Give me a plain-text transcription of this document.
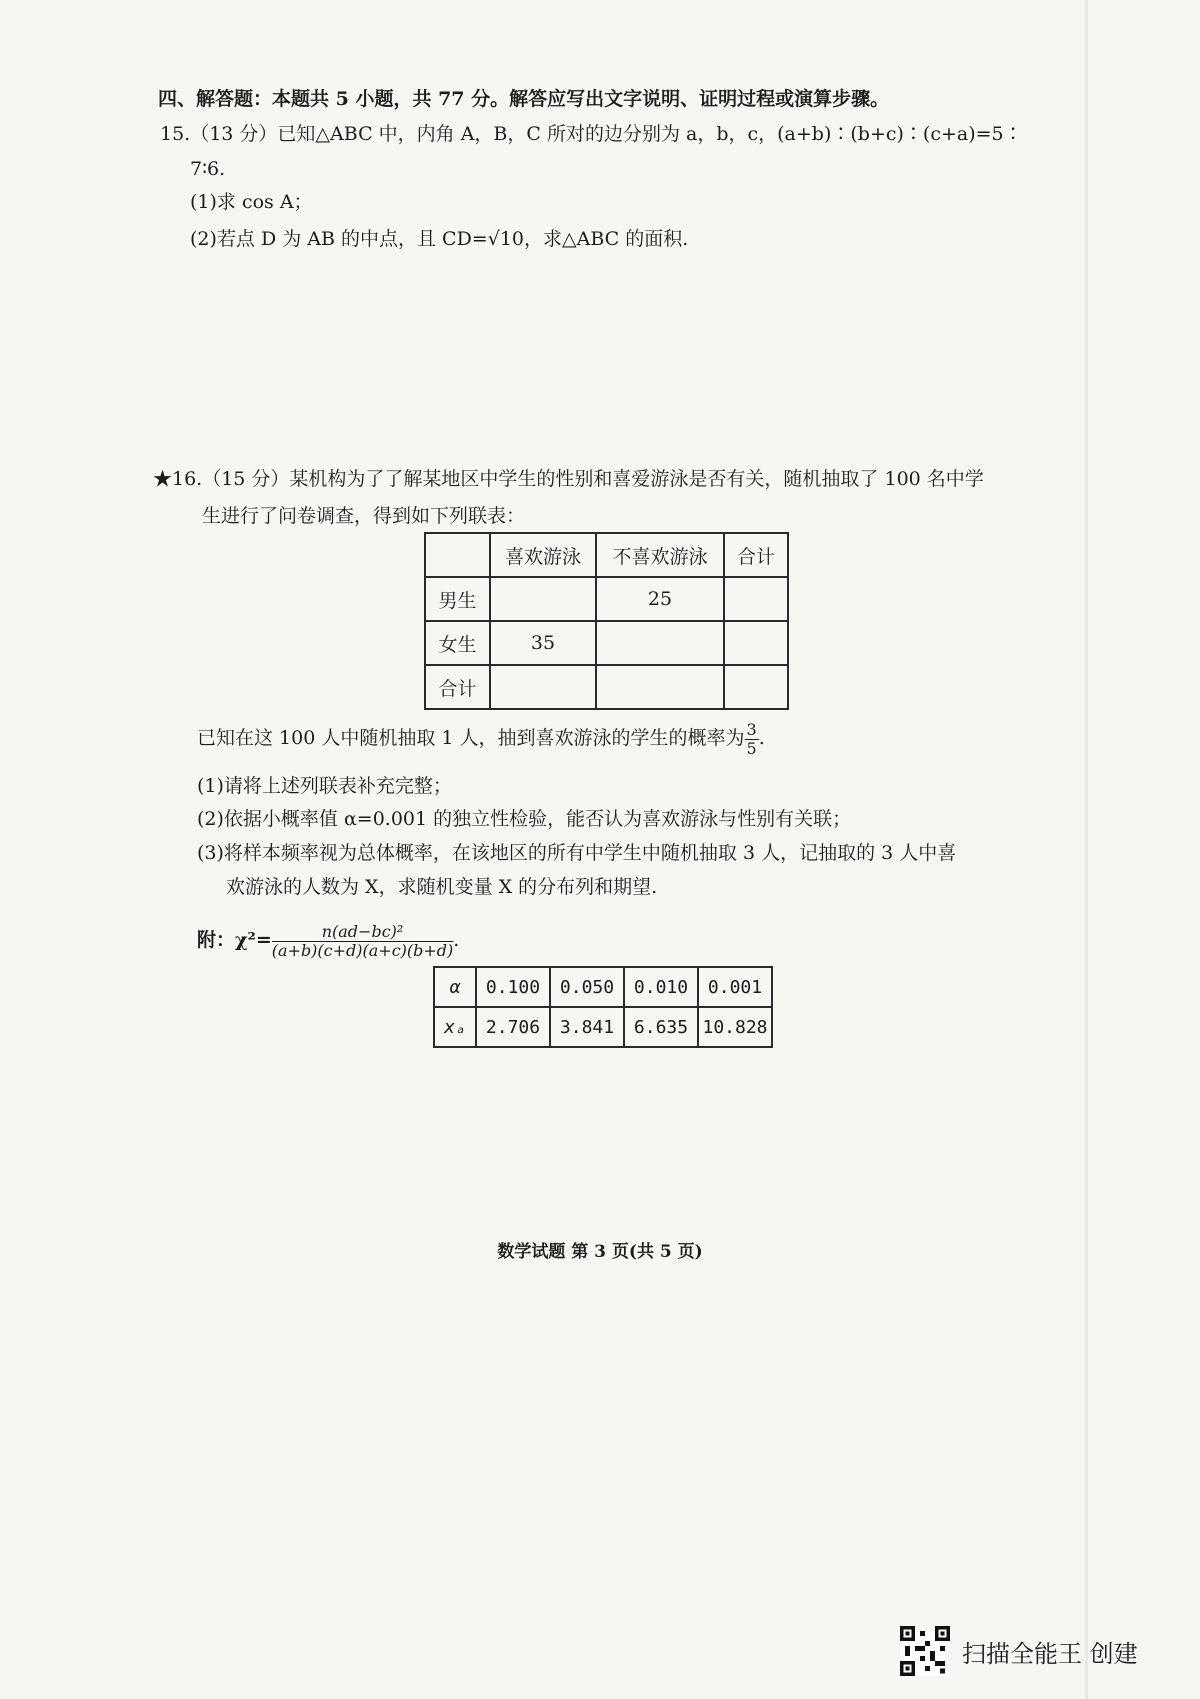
四、解答题：本题共 5 小题，共 77 分。解答应写出文字说明、证明过程或演算步骤。
15.（13 分）已知△ABC 中，内角 A，B，C 所对的边分别为 a，b，c，(a+b)∶(b+c)∶(c+a)=5∶
7∶6.
(1)求 cos A；
(2)若点 D 为 AB 的中点，且 CD=√10，求△ABC 的面积.
★16.（15 分）某机构为了了解某地区中学生的性别和喜爱游泳是否有关，随机抽取了 100 名中学
生进行了问卷调查，得到如下列联表：
	喜欢游泳	不喜欢游泳	合计
男生		25	
女生	35		
合计			
已知在这 100 人中随机抽取 1 人，抽到喜欢游泳的学生的概率为 $\frac{3}{5}$ .
(1)请将上述列联表补充完整；
(2)依据小概率值 α=0.001 的独立性检验，能否认为喜欢游泳与性别有关联；
(3)将样本频率视为总体概率，在该地区的所有中学生中随机抽取 3 人，记抽取的 3 人中喜
欢游泳的人数为 X，求随机变量 X 的分布列和期望.
附：$\chi^2= \frac{\text{n(ad−bc)²}}{(a+b)(c+d)(a+c)(b+d)}$ .
α	0.100	0.050	0.010	0.001
xₐ	2.706	3.841	6.635	10.828
数学试题 第 3 页(共 5 页)
扫描全能王 创建
